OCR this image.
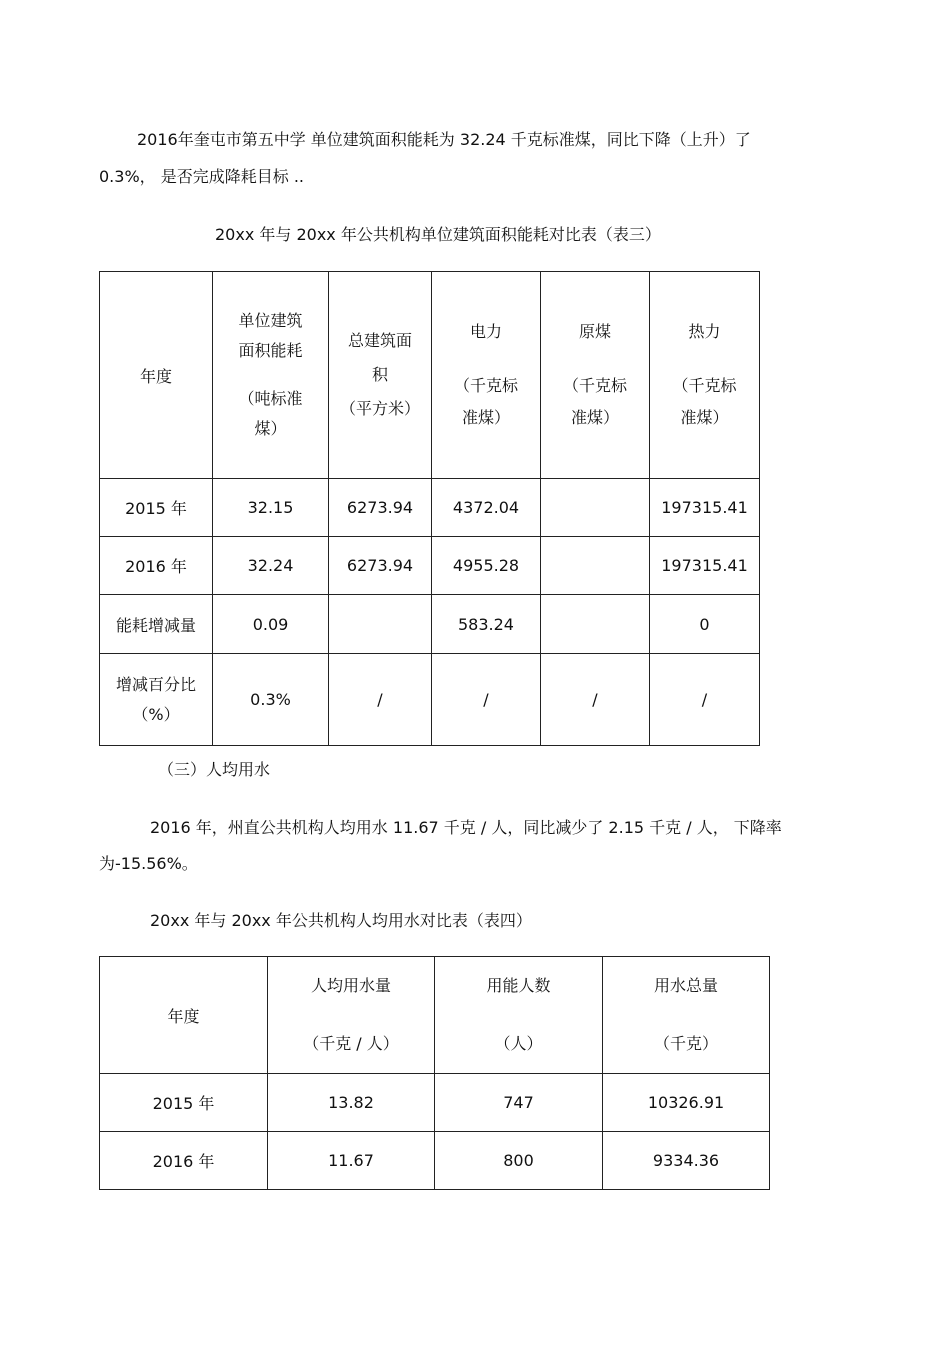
2016年奎屯市第五中学 单位建筑面积能耗为 32.24 千克标准煤，同比下降（上升）了
0.3%， 是否完成降耗目标 ..
20xx 年与 20xx 年公共机构单位建筑面积能耗对比表（表三）
年度	单位建筑
面积能耗
（吨标准
煤）	总建筑面
积
（平方米）	电力
（千克标
准煤）	原煤
（千克标
准煤）	热力
（千克标
准煤）

2015 年	32.15	6273.94	4372.04		197315.41
2016 年	32.24	6273.94	4955.28		197315.41
能耗增减量	0.09		583.24		0

增减百分比
（%）	0.3%	/	/	/	/
（三）人均用水
2016 年，州直公共机构人均用水 11.67 千克 / 人，同比减少了 2.15 千克 / 人， 下降率
为-15.56%。
20xx 年与 20xx 年公共机构人均用水对比表（表四）
年度	人均用水量
（千克 / 人）	用能人数
（人）	用水总量
（千克）

2015 年	13.82	747	10326.91
2016 年	11.67	800	9334.36
